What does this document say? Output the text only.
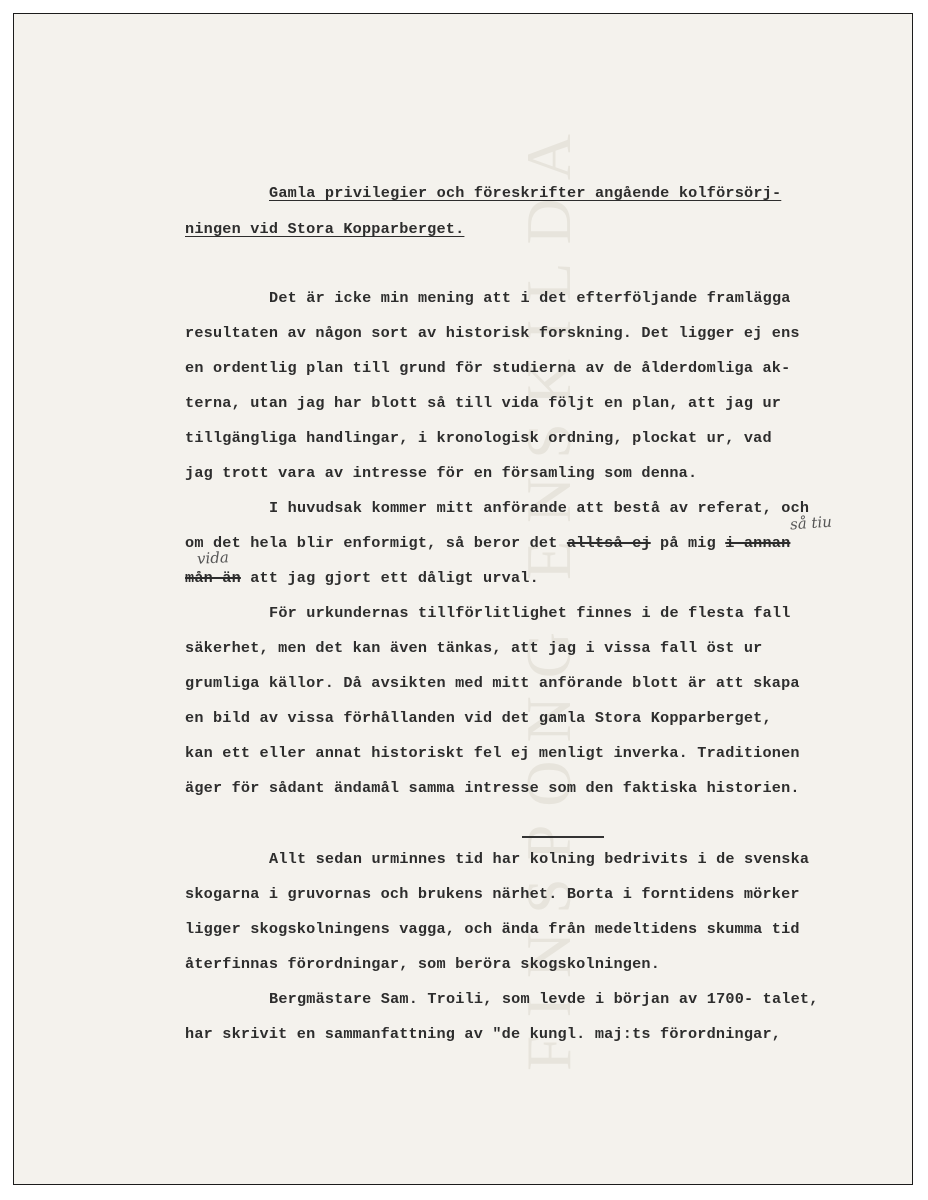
FINSPONG ENSKILDA
Gamla privilegier och föreskrifter angående kolförsörj-
ningen vid Stora Kopparberget.
Det är icke min mening att i det efterföljande framlägga
resultaten av någon sort av historisk forskning. Det ligger ej ens
en ordentlig plan till grund för studierna av de ålderdomliga ak-
terna, utan jag har blott så till vida följt en plan, att jag ur
tillgängliga handlingar, i kronologisk ordning, plockat ur, vad
jag trott vara av intresse för en församling som denna.
I huvudsak kommer mitt anförande att bestå av referat, och
så tiu
om det hela blir enformigt, så beror det alltså ej på mig i annan
vida
mån än att jag gjort ett dåligt urval.
För urkundernas tillförlitlighet finnes i de flesta fall
säkerhet, men det kan även tänkas, att jag i vissa fall öst ur
grumliga källor. Då avsikten med mitt anförande blott är att skapa
en bild av vissa förhållanden vid det gamla Stora Kopparberget,
kan ett eller annat historiskt fel ej menligt inverka. Traditionen
äger för sådant ändamål samma intresse som den faktiska historien.
Allt sedan urminnes tid har kolning bedrivits i de svenska
skogarna i gruvornas och brukens närhet. Borta i forntidens mörker
ligger skogskolningens vagga, och ända från medeltidens skumma tid
återfinnas förordningar, som beröra skogskolningen.
Bergmästare Sam. Troili, som levde i början av 1700- talet,
har skrivit en sammanfattning av "de kungl. maj:ts förordningar,
